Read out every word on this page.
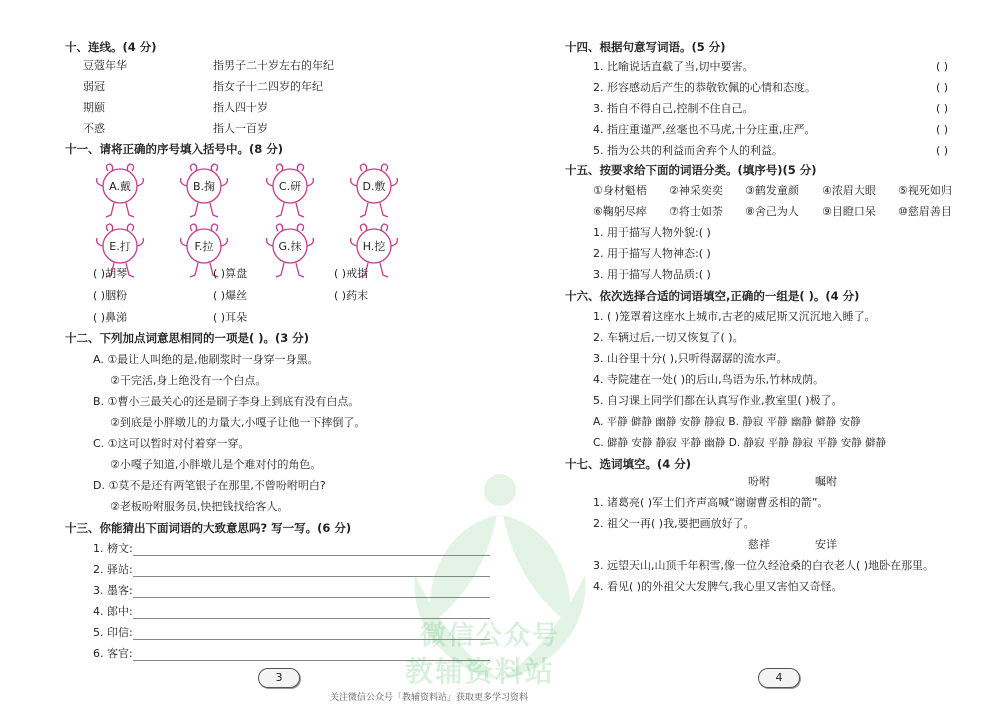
十、连线。(4 分)
豆蔻年华	指男子二十岁左右的年纪
弱冠	指女子十二四岁的年纪
期颐	指人四十岁
不惑	指人一百岁
十一、请将正确的序号填入括号中。(8 分)
A.戴	B.掬	C.研	D.敷
E.打	F.拉	G.抹	H.挖
( )胡琴	( )算盘	( )戒指
( )胭粉	( )爆丝	( )药末
( )鼻涕	( )耳朵
十二、下列加点词意思相同的一项是( )。(3 分)
A. ①最让人叫绝的是,他刷浆时一身穿一身黑。
②干完活,身上绝没有一个白点。
B. ①曹小三最关心的还是刷子李身上到底有没有白点。
②到底是小胖墩儿的力量大,小嘎子让他一下摔倒了。
C. ①这可以暂时对付着穿一穿。
②小嘎子知道,小胖墩儿是个难对付的角色。
D. ①莫不是还有两笔银子在那里,不曾吩咐明白?
②老板吩咐服务员,快把钱找给客人。
十三、你能猜出下面词语的大致意思吗? 写一写。(6 分)
1. 榜文:
2. 驿站:
3. 墨客:
4. 郎中:
5. 印信:
6. 客官:
3
十四、根据句意写词语。(5 分)
1. 比喻说话直截了当,切中要害。	( )
2. 形容感动后产生的恭敬钦佩的心情和态度。	( )
3. 指自不得自己,控制不住自己。	( )
4. 指庄重谨严,丝毫也不马虎,十分庄重,庄严。	( )
5. 指为公共的利益而舍弃个人的利益。	( )
十五、按要求给下面的词语分类。(填序号)(5 分)
①身材魁梧 ②神采奕奕 ③鹤发童颜 ④浓眉大眼 ⑤视死如归
⑥鞠躬尽瘁 ⑦将士如荼 ⑧舍己为人 ⑨目瞪口呆 ⑩慈眉善目
1. 用于描写人物外貌:( )
2. 用于描写人物神态:( )
3. 用于描写人物品质:( )
十六、依次选择合适的词语填空,正确的一组是( )。(4 分)
1. ( )笼罩着这座水上城市,古老的威尼斯又沉沉地入睡了。
2. 车辆过后,一切又恢复了( )。
3. 山谷里十分( ),只听得潺潺的流水声。
4. 寺院建在一处( )的后山,鸟语为乐,竹林成荫。
5. 自习课上同学们都在认真写作业,教室里( )极了。
A. 平静 僻静 幽静 安静 静寂 B. 静寂 平静 幽静 僻静 安静
C. 僻静 安静 静寂 平静 幽静 D. 静寂 平静 静寂 平静 安静 僻静
十七、选词填空。(4 分)
吩咐	嘱咐
1. 诸葛亮( )军士们齐声高喊“谢谢曹丞相的箭”。
2. 祖父一再( )我,要把画放好了。
慈祥	安详
3. 远望天山,山顶千年积雪,像一位久经沧桑的白衣老人( )地卧在那里。
4. 看见( )的外祖父大发脾气,我心里又害怕又奇怪。
4
微信公众号
教辅资料站
关注微信公众号「教辅资料站」获取更多学习资料
